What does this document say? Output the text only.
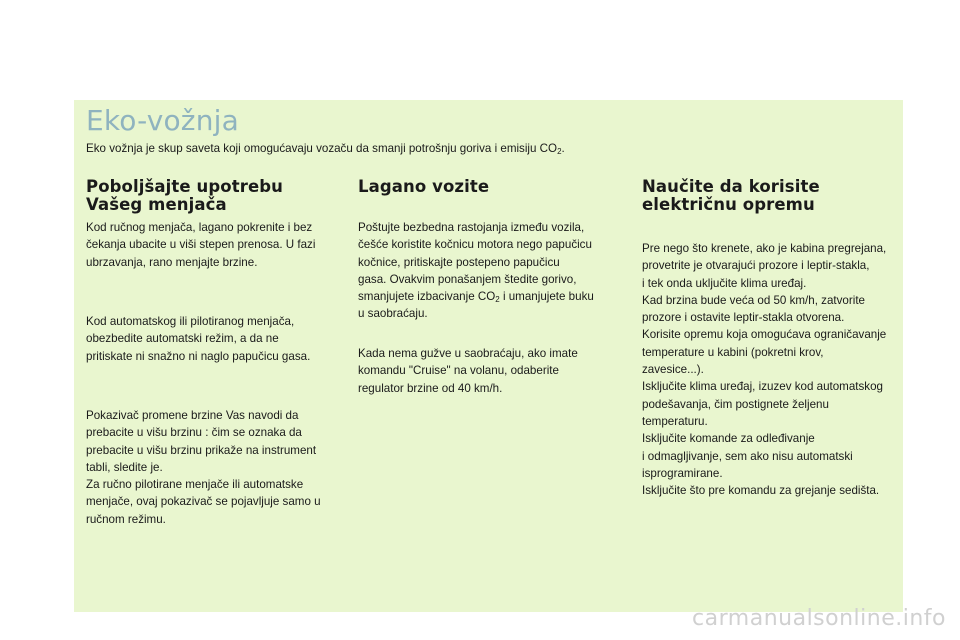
Eko-vožnja
Eko vožnja je skup saveta koji omogućavaju vozaču da smanji potrošnju goriva i emisiju $CO_2$.
Poboljšajte upotrebu
Vašeg menjača
Kod ručnog menjača, lagano pokrenite i bez
čekanja ubacite u viši stepen prenosa. U fazi
ubrzavanja, rano menjajte brzine.
Kod automatskog ili pilotiranog menjača,
obezbedite automatski režim, a da ne
pritiskate ni snažno ni naglo papučicu gasa.
Pokazivač promene brzine Vas navodi da
prebacite u višu brzinu : čim se oznaka da
prebacite u višu brzinu prikaže na instrument
tabli, sledite je.
Za ručno pilotirane menjače ili automatske
menjače, ovaj pokazivač se pojavljuje samo u
ručnom režimu.
Lagano vozite
Poštujte bezbedna rastojanja između vozila,
češće koristite kočnicu motora nego papučicu
kočnice, pritiskajte postepeno papučicu
gasa. Ovakvim ponašanjem štedite gorivo,
smanjujete izbacivanje $CO_2$ i umanjujete buku
u saobraćaju.
Kada nema gužve u saobraćaju, ako imate
komandu "Cruise" na volanu, odaberite
regulator brzine od 40 km/h.
Naučite da korisite
električnu opremu
Pre nego što krenete, ako je kabina pregrejana,
provetrite je otvarajući prozore i leptir-stakla,
i tek onda uključite klima uređaj.
Kad brzina bude veća od 50 km/h, zatvorite
prozore i ostavite leptir-stakla otvorena.
Korisite opremu koja omogućava ograničavanje
temperature u kabini (pokretni krov,
zavesice...).
Isključite klima uređaj, izuzev kod automatskog
podešavanja, čim postignete željenu
temperaturu.
Isključite komande za odleđivanje
i odmagljivanje, sem ako nisu automatski
isprogramirane.
Isključite što pre komandu za grejanje sedišta.
carmanualsonline.info
